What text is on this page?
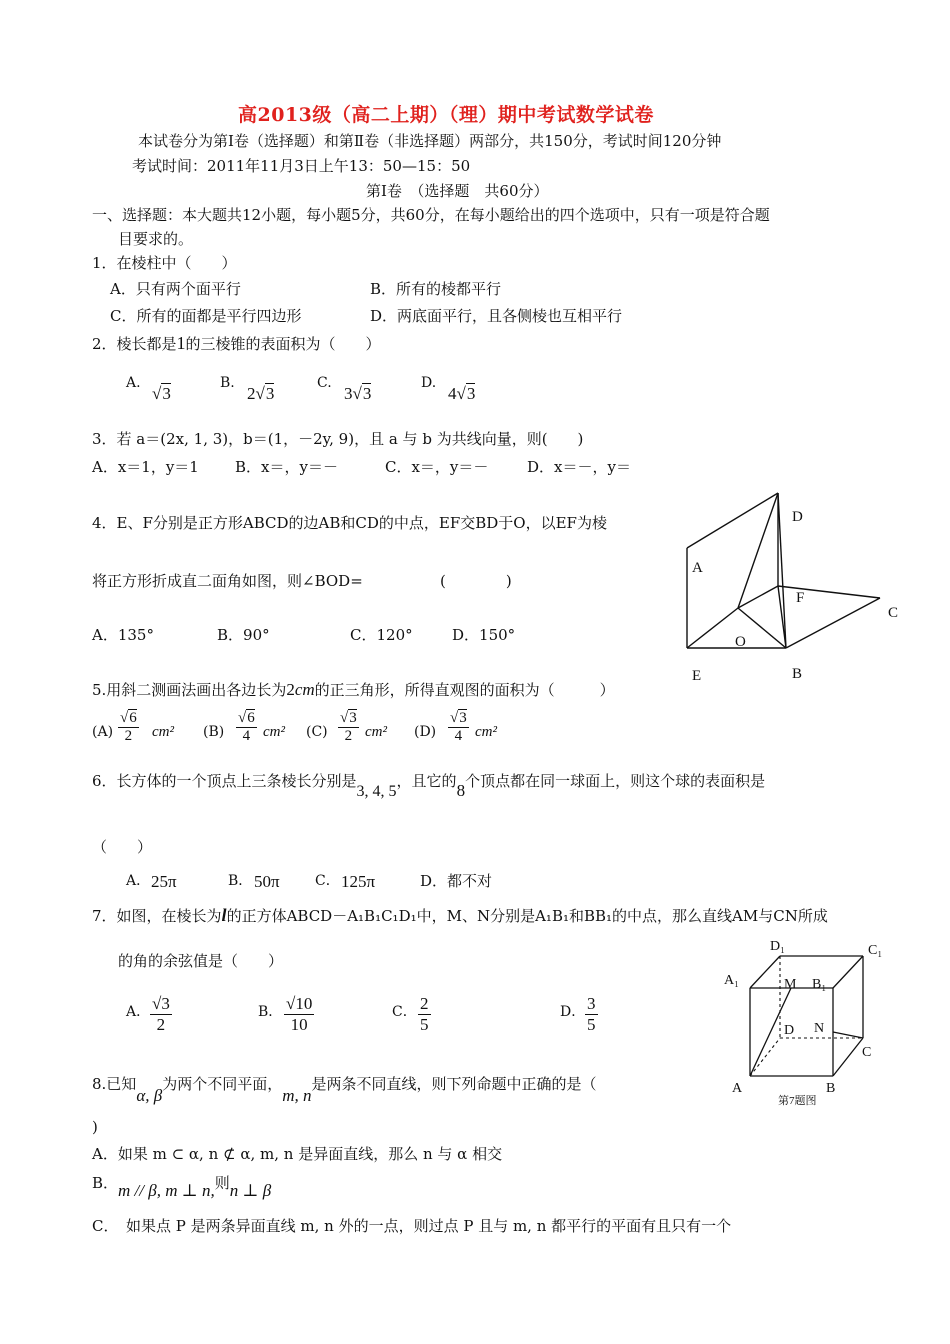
高2013级（高二上期）（理）期中考试数学试卷
本试卷分为第Ⅰ卷（选择题）和第Ⅱ卷（非选择题）两部分，共150分，考试时间120分钟
考试时间：2011年11月3日上午13：50—15：50
第Ⅰ卷　（选择题　共60分）
一、选择题：本大题共12小题，每小题5分，共60分，在每小题给出的四个选项中，只有一项是符合题
目要求的。
1．在棱柱中（　　）
A．只有两个面平行	B．所有的棱都平行
C．所有的面都是平行四边形	D．两底面平行，且各侧棱也互相平行
2．棱长都是1的三棱锥的表面积为（　　）
A.
√3
B.
2√3
C.
3√3
D.
4√3
3．若 a＝(2x, 1, 3)，b＝(1，－2y, 9)，且 a 与 b 为共线向量，则(　　)
A．x＝1，y＝1 B．x＝，y＝－	C．x＝，y＝－	D．x＝－，y＝
4．E、F分别是正方形ABCD的边AB和CD的中点，EF交BD于O，以EF为棱
将正方形折成直二面角如图，则∠BOD=	(　　　　)
A．135°	B．90°	C．120°	D．150°
D
A
F
C
O
E	B
5.用斜二测画法画出各边长为2cm的正三角形，所得直观图的面积为（　　　）
$(A) \frac{√6}{2} cm^2$ $(B) \frac{√6}{4} cm^2$ $(C) \frac{√3}{2} cm^2$ $(D) \frac{√3}{4} cm^2$
6．长方体的一个顶点上三条棱长分别是3, 4, 5，且它的8个顶点都在同一球面上，则这个球的表面积是
（　　）
A． 25π	B． 50π	C． 125π	D．都不对
7．如图，在棱长为l的正方体ABCD－A₁B₁C₁D₁中，M、N分别是A₁B₁和BB₁的中点，那么直线AM与CN所成
的角的余弦值是（　　）
A． $\frac{√3}{2}$	B． $\frac{√10}{10}$	C． $\frac{2}{5}$	D． $\frac{3}{5}$
D₁	C₁
A₁	M B₁
D N
C
A	B
第7题图
8.已知α, β为两个不同平面，m, n是两条不同直线，则下列命题中正确的是（
)
A．如果 m ⊂ α, n ⊄ α, m, n 是异面直线，那么 n 与 α 相交
B． m // β, m ⊥ n,则n ⊥ β
C．　如果点 P 是两条异面直线 m, n 外的一点，则过点 P 且与 m, n 都平行的平面有且只有一个
